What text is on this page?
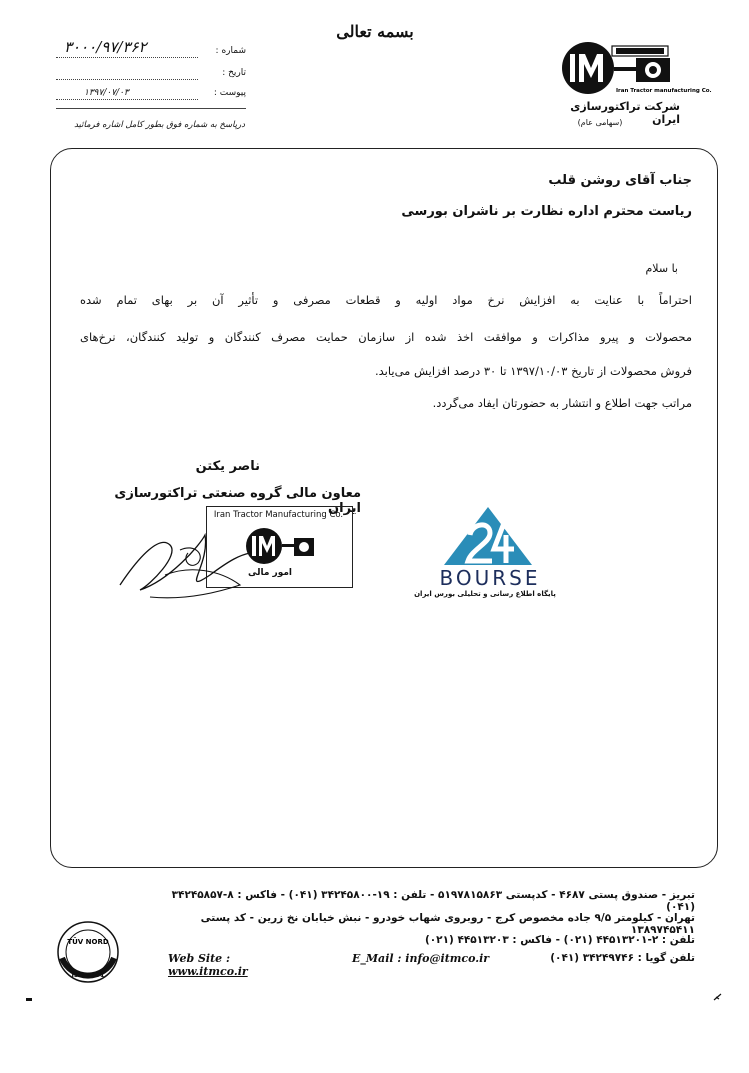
بسمه تعالی
شماره :
۳۰۰۰/۹۷/۳۶۲
تاریخ :
پیوست :
۱۳۹۷/۰۷/۰۳
درپاسخ به شماره فوق بطور کامل اشاره فرمائید
Iran Tractor manufacturing Co.
شرکت تراکتورسازی ایران
(سهامی عام)
جناب آقای روشن قلب
ریاست محترم اداره نظارت بر ناشران بورسی
با سلام
احتراماً با عنایت به افزایش نرخ مواد اولیه و قطعات مصرفی و تأثیر آن بر بهای تمام شده
محصولات و پیرو مذاکرات و موافقت اخذ شده از سازمان حمایت مصرف کنندگان و تولید کنندگان، نرخ‌های
فروش محصولات از تاریخ ۱۳۹۷/۱۰/۰۳ تا ۳۰ درصد افزایش می‌یابد.
مراتب جهت اطلاع و انتشار به حضورتان ایفاد می‌گردد.
ناصر یکتن
معاون مالی گروه صنعتی تراکتورسازی ایران
Iran Tractor Manufacturing Co.
امور مالی	BOURSE
پایگاه اطلاع رسانی و تحلیلی بورس ایران
تبریز - صندوق پستی ۴۶۸۷ - کدپستی ۵۱۹۷۸۱۵۸۶۳ - تلفن : ۱۹-۳۴۲۴۵۸۰۰ (۰۴۱) - فاکس : ۸-۳۴۲۴۵۸۵۷ (۰۴۱)
تهران - کیلومتر ۹/۵ جاده مخصوص کرج - روبروی شهاب خودرو - نبش خیابان نخ زرین - کد پستی ۱۳۸۹۷۴۵۴۱۱
تلفن : ۲-۴۴۵۱۳۲۰۱ (۰۲۱) - فاکس : ۴۴۵۱۳۲۰۳ (۰۲۱)
Web Site : www.itmco.ir
E_Mail : info@itmco.ir	تلفن گویا : ۳۴۲۴۹۷۴۶ (۰۴۱)
TÜV NORD
ISO 9001
